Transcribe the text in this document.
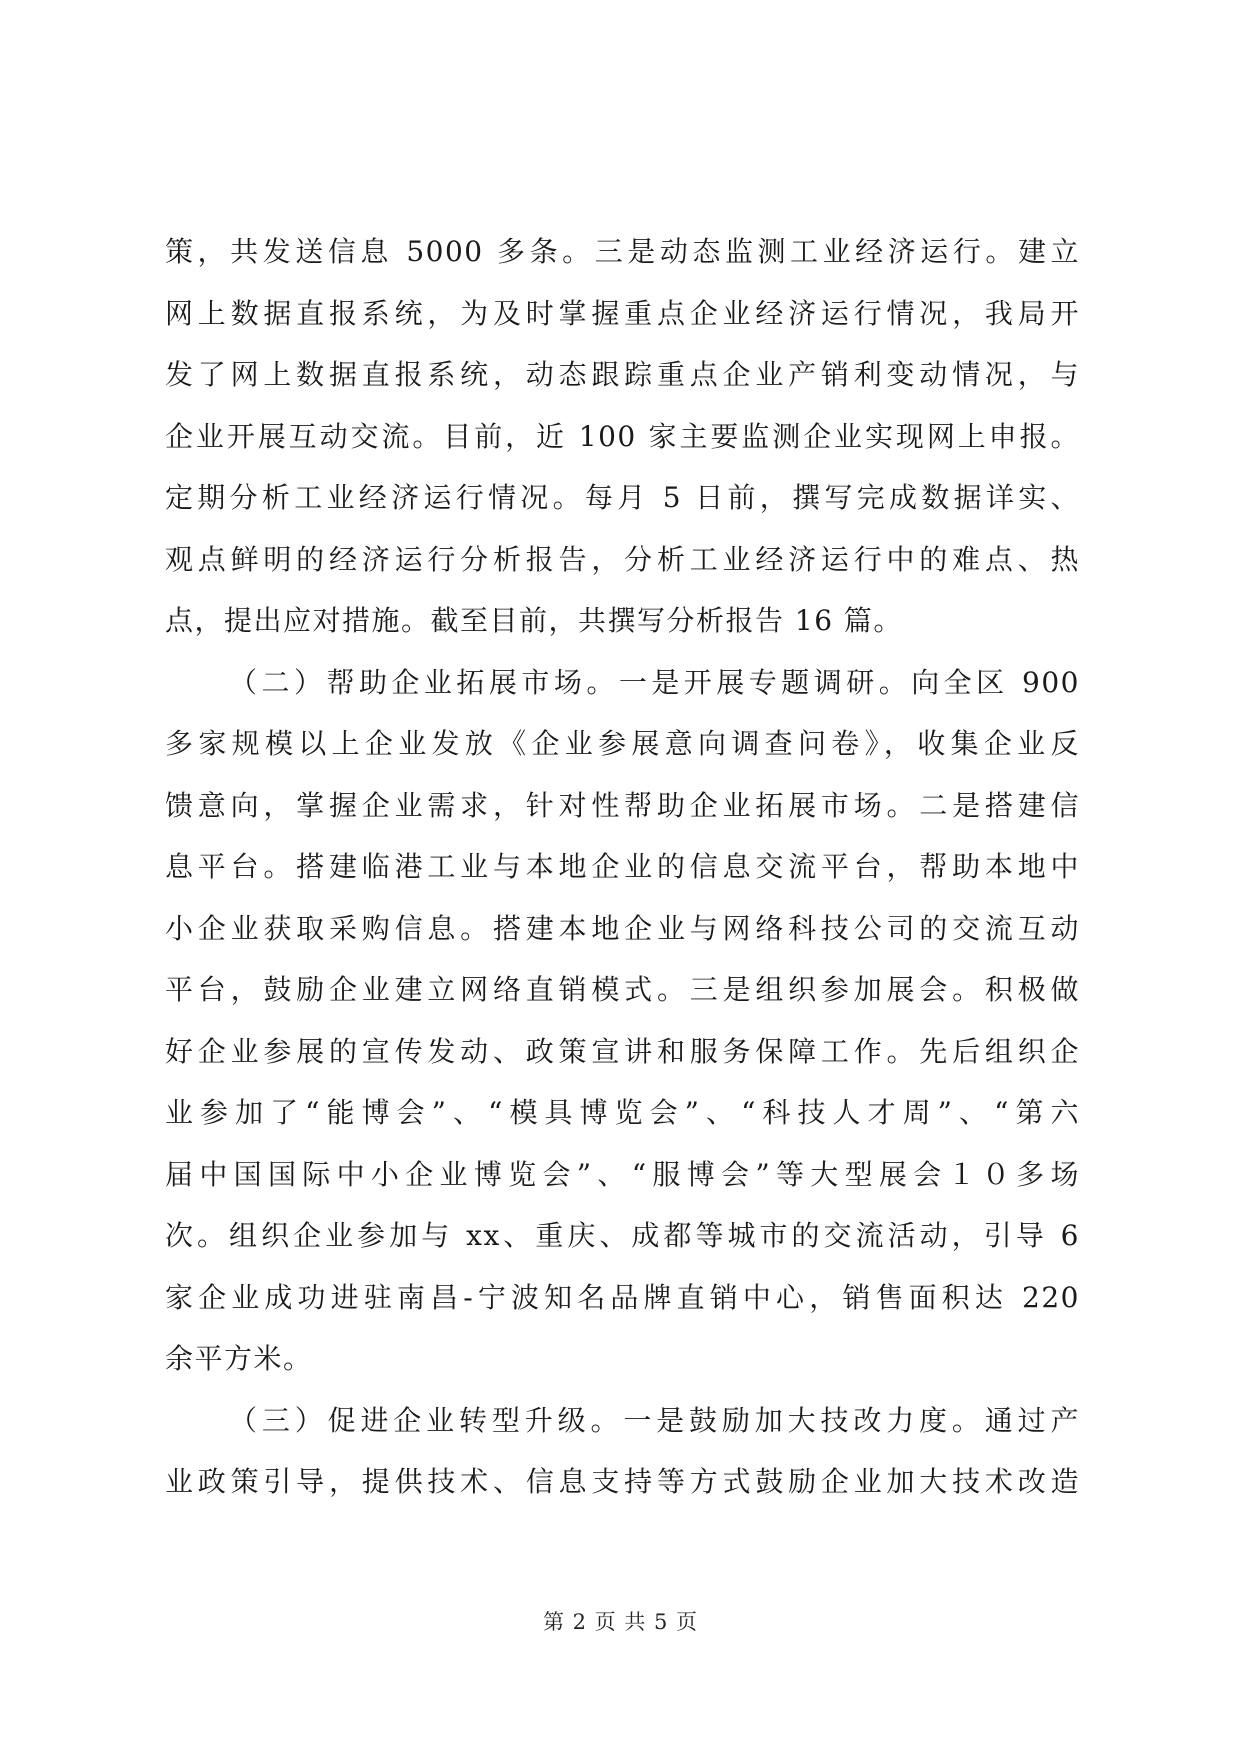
策，共发送信息 5000 多条。三是动态监测工业经济运行。建立
网上数据直报系统，为及时掌握重点企业经济运行情况，我局开
发了网上数据直报系统，动态跟踪重点企业产销利变动情况，与
企业开展互动交流。目前，近 100 家主要监测企业实现网上申报。
定期分析工业经济运行情况。每月 5 日前，撰写完成数据详实、
观点鲜明的经济运行分析报告，分析工业经济运行中的难点、热
点，提出应对措施。截至目前，共撰写分析报告 16 篇。
（二）帮助企业拓展市场。一是开展专题调研。向全区 900
多家规模以上企业发放《企业参展意向调查问卷》，收集企业反
馈意向，掌握企业需求，针对性帮助企业拓展市场。二是搭建信
息平台。搭建临港工业与本地企业的信息交流平台，帮助本地中
小企业获取采购信息。搭建本地企业与网络科技公司的交流互动
平台，鼓励企业建立网络直销模式。三是组织参加展会。积极做
好企业参展的宣传发动、政策宣讲和服务保障工作。先后组织企
业参加了“能博会”、“模具博览会”、“科技人才周”、“第六
届中国国际中小企业博览会”、“服博会”等大型展会１０多场
次。组织企业参加与 xx、重庆、成都等城市的交流活动，引导 6
家企业成功进驻南昌-宁波知名品牌直销中心，销售面积达 220
余平方米。
（三）促进企业转型升级。一是鼓励加大技改力度。通过产
业政策引导，提供技术、信息支持等方式鼓励企业加大技术改造
第 2 页 共 5 页
